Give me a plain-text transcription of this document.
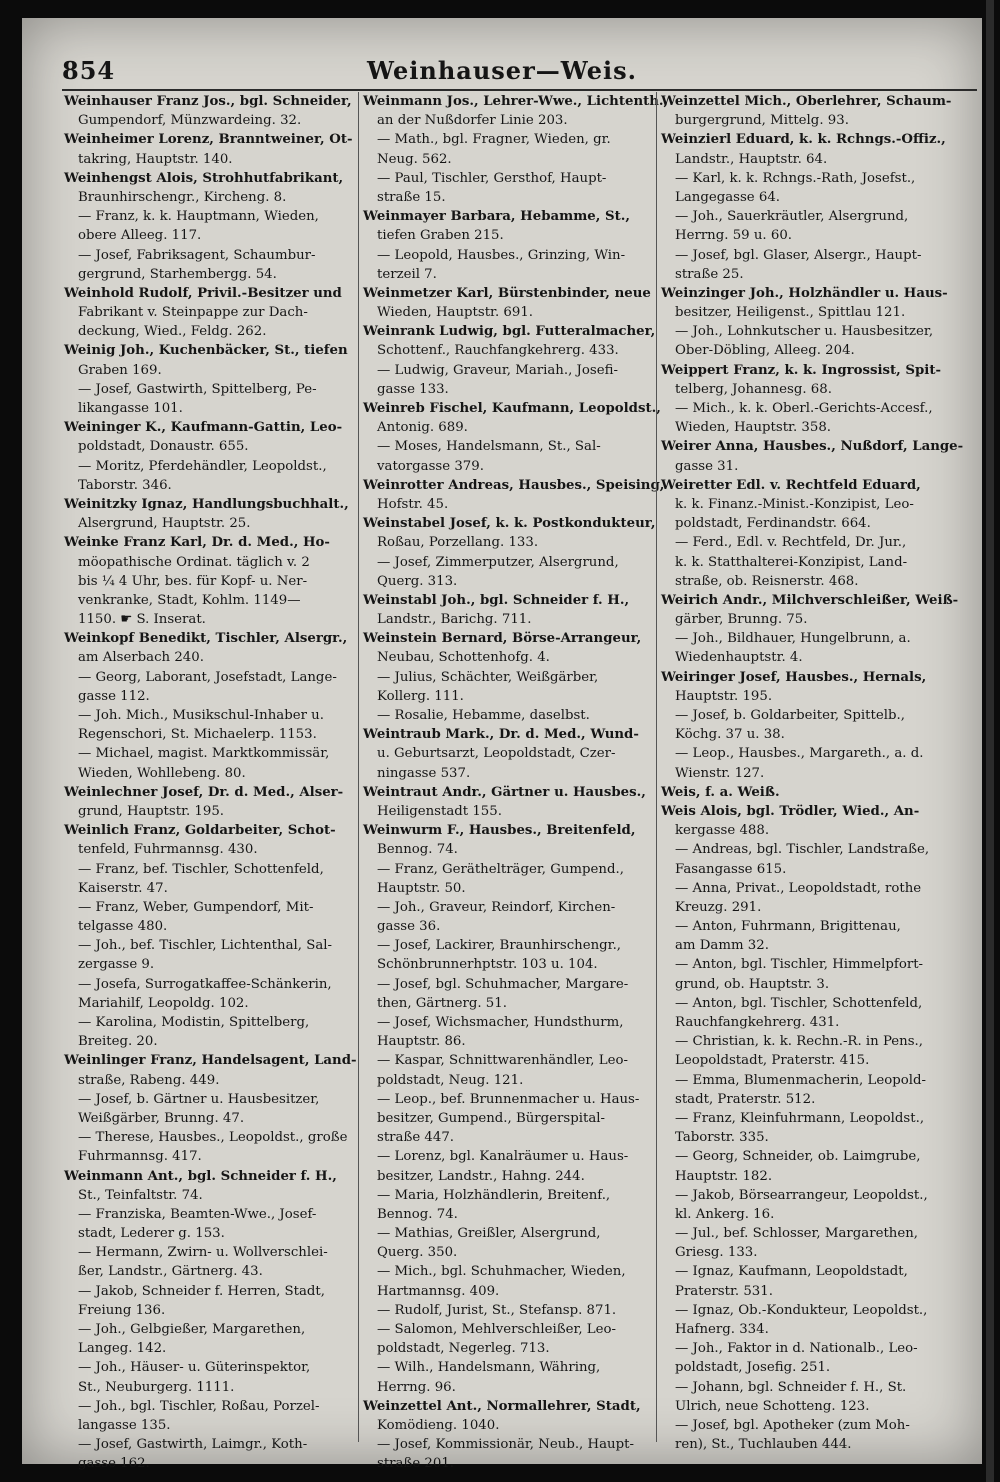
854	Weinhauser—Weis.
Weinhauser Franz Jos., bgl. Schneider,
Gumpendorf, Münzwardeing. 32.
Weinheimer Lorenz, Branntweiner, Ot-
takring, Hauptstr. 140.
Weinhengst Alois, Strohhutfabrikant,
Braunhirschengr., Kircheng. 8.
— Franz, k. k. Hauptmann, Wieden,
obere Alleeg. 117.
— Josef, Fabriksagent, Schaumbur-
gergrund, Starhembergg. 54.
Weinhold Rudolf, Privil.-Besitzer und
Fabrikant v. Steinpappe zur Dach-
deckung, Wied., Feldg. 262.
Weinig Joh., Kuchenbäcker, St., tiefen
Graben 169.
— Josef, Gastwirth, Spittelberg, Pe-
likangasse 101.
Weininger K., Kaufmann-Gattin, Leo-
poldstadt, Donaustr. 655.
— Moritz, Pferdehändler, Leopoldst.,
Taborstr. 346.
Weinitzky Ignaz, Handlungsbuchhalt.,
Alsergrund, Hauptstr. 25.
Weinke Franz Karl, Dr. d. Med., Ho-
möopathische Ordinat. täglich v. 2
bis ¼ 4 Uhr, bes. für Kopf- u. Ner-
venkranke, Stadt, Kohlm. 1149—
1150. ☛ S. Inserat.
Weinkopf Benedikt, Tischler, Alsergr.,
am Alserbach 240.
— Georg, Laborant, Josefstadt, Lange-
gasse 112.
— Joh. Mich., Musikschul-Inhaber u.
Regenschori, St. Michaelerp. 1153.
— Michael, magist. Marktkommissär,
Wieden, Wohllebeng. 80.
Weinlechner Josef, Dr. d. Med., Alser-
grund, Hauptstr. 195.
Weinlich Franz, Goldarbeiter, Schot-
tenfeld, Fuhrmannsg. 430.
— Franz, bef. Tischler, Schottenfeld,
Kaiserstr. 47.
— Franz, Weber, Gumpendorf, Mit-
telgasse 480.
— Joh., bef. Tischler, Lichtenthal, Sal-
zergasse 9.
— Josefa, Surrogatkaffee-Schänkerin,
Mariahilf, Leopoldg. 102.
— Karolina, Modistin, Spittelberg,
Breiteg. 20.
Weinlinger Franz, Handelsagent, Land-
straße, Rabeng. 449.
— Josef, b. Gärtner u. Hausbesitzer,
Weißgärber, Brunng. 47.
— Therese, Hausbes., Leopoldst., große
Fuhrmannsg. 417.
Weinmann Ant., bgl. Schneider f. H.,
St., Teinfaltstr. 74.
— Franziska, Beamten-Wwe., Josef-
stadt, Lederer g. 153.
— Hermann, Zwirn- u. Wollverschlei-
ßer, Landstr., Gärtnerg. 43.
— Jakob, Schneider f. Herren, Stadt,
Freiung 136.
— Joh., Gelbgießer, Margarethen,
Langeg. 142.
— Joh., Häuser- u. Güterinspektor,
St., Neuburgerg. 1111.
— Joh., bgl. Tischler, Roßau, Porzel-
langasse 135.
— Josef, Gastwirth, Laimgr., Koth-
gasse 162.
Weinmann Jos., Lehrer-Wwe., Lichtenth.,
an der Nußdorfer Linie 203.
— Math., bgl. Fragner, Wieden, gr.
Neug. 562.
— Paul, Tischler, Gersthof, Haupt-
straße 15.
Weinmayer Barbara, Hebamme, St.,
tiefen Graben 215.
— Leopold, Hausbes., Grinzing, Win-
terzeil 7.
Weinmetzer Karl, Bürstenbinder, neue
Wieden, Hauptstr. 691.
Weinrank Ludwig, bgl. Futteralmacher,
Schottenf., Rauchfangkehrerg. 433.
— Ludwig, Graveur, Mariah., Josefi-
gasse 133.
Weinreb Fischel, Kaufmann, Leopoldst.,
Antonig. 689.
— Moses, Handelsmann, St., Sal-
vatorgasse 379.
Weinrotter Andreas, Hausbes., Speising,
Hofstr. 45.
Weinstabel Josef, k. k. Postkondukteur,
Roßau, Porzellang. 133.
— Josef, Zimmerputzer, Alsergrund,
Querg. 313.
Weinstabl Joh., bgl. Schneider f. H.,
Landstr., Barichg. 711.
Weinstein Bernard, Börse-Arrangeur,
Neubau, Schottenhofg. 4.
— Julius, Schächter, Weißgärber,
Kollerg. 111.
— Rosalie, Hebamme, daselbst.
Weintraub Mark., Dr. d. Med., Wund-
u. Geburtsarzt, Leopoldstadt, Czer-
ningasse 537.
Weintraut Andr., Gärtner u. Hausbes.,
Heiligenstadt 155.
Weinwurm F., Hausbes., Breitenfeld,
Bennog. 74.
— Franz, Geräthelträger, Gumpend.,
Hauptstr. 50.
— Joh., Graveur, Reindorf, Kirchen-
gasse 36.
— Josef, Lackirer, Braunhirschengr.,
Schönbrunnerhptstr. 103 u. 104.
— Josef, bgl. Schuhmacher, Margare-
then, Gärtnerg. 51.
— Josef, Wichsmacher, Hundsthurm,
Hauptstr. 86.
— Kaspar, Schnittwarenhändler, Leo-
poldstadt, Neug. 121.
— Leop., bef. Brunnenmacher u. Haus-
besitzer, Gumpend., Bürgerspital-
straße 447.
— Lorenz, bgl. Kanalräumer u. Haus-
besitzer, Landstr., Hahng. 244.
— Maria, Holzhändlerin, Breitenf.,
Bennog. 74.
— Mathias, Greißler, Alsergrund,
Querg. 350.
— Mich., bgl. Schuhmacher, Wieden,
Hartmannsg. 409.
— Rudolf, Jurist, St., Stefansp. 871.
— Salomon, Mehlverschleißer, Leo-
poldstadt, Negerleg. 713.
— Wilh., Handelsmann, Währing,
Herrng. 96.
Weinzettel Ant., Normallehrer, Stadt,
Komödieng. 1040.
— Josef, Kommissionär, Neub., Haupt-
straße 201.
Weinzettel Mich., Oberlehrer, Schaum-
burgergrund, Mittelg. 93.
Weinzierl Eduard, k. k. Rchngs.-Offiz.,
Landstr., Hauptstr. 64.
— Karl, k. k. Rchngs.-Rath, Josefst.,
Langegasse 64.
— Joh., Sauerkräutler, Alsergrund,
Herrng. 59 u. 60.
— Josef, bgl. Glaser, Alsergr., Haupt-
straße 25.
Weinzinger Joh., Holzhändler u. Haus-
besitzer, Heiligenst., Spittlau 121.
— Joh., Lohnkutscher u. Hausbesitzer,
Ober-Döbling, Alleeg. 204.
Weippert Franz, k. k. Ingrossist, Spit-
telberg, Johannesg. 68.
— Mich., k. k. Oberl.-Gerichts-Accesf.,
Wieden, Hauptstr. 358.
Weirer Anna, Hausbes., Nußdorf, Lange-
gasse 31.
Weiretter Edl. v. Rechtfeld Eduard,
k. k. Finanz.-Minist.-Konzipist, Leo-
poldstadt, Ferdinandstr. 664.
— Ferd., Edl. v. Rechtfeld, Dr. Jur.,
k. k. Statthalterei-Konzipist, Land-
straße, ob. Reisnerstr. 468.
Weirich Andr., Milchverschleißer, Weiß-
gärber, Brunng. 75.
— Joh., Bildhauer, Hungelbrunn, a.
Wiedenhauptstr. 4.
Weiringer Josef, Hausbes., Hernals,
Hauptstr. 195.
— Josef, b. Goldarbeiter, Spittelb.,
Köchg. 37 u. 38.
— Leop., Hausbes., Margareth., a. d.
Wienstr. 127.
Weis, f. a. Weiß.
Weis Alois, bgl. Trödler, Wied., An-
kergasse 488.
— Andreas, bgl. Tischler, Landstraße,
Fasangasse 615.
— Anna, Privat., Leopoldstadt, rothe
Kreuzg. 291.
— Anton, Fuhrmann, Brigittenau,
am Damm 32.
— Anton, bgl. Tischler, Himmelpfort-
grund, ob. Hauptstr. 3.
— Anton, bgl. Tischler, Schottenfeld,
Rauchfangkehrerg. 431.
— Christian, k. k. Rechn.-R. in Pens.,
Leopoldstadt, Praterstr. 415.
— Emma, Blumenmacherin, Leopold-
stadt, Praterstr. 512.
— Franz, Kleinfuhrmann, Leopoldst.,
Taborstr. 335.
— Georg, Schneider, ob. Laimgrube,
Hauptstr. 182.
— Jakob, Börsearrangeur, Leopoldst.,
kl. Ankerg. 16.
— Jul., bef. Schlosser, Margarethen,
Griesg. 133.
— Ignaz, Kaufmann, Leopoldstadt,
Praterstr. 531.
— Ignaz, Ob.-Kondukteur, Leopoldst.,
Hafnerg. 334.
— Joh., Faktor in d. Nationalb., Leo-
poldstadt, Josefig. 251.
— Johann, bgl. Schneider f. H., St.
Ulrich, neue Schotteng. 123.
— Josef, bgl. Apotheker (zum Moh-
ren), St., Tuchlauben 444.
